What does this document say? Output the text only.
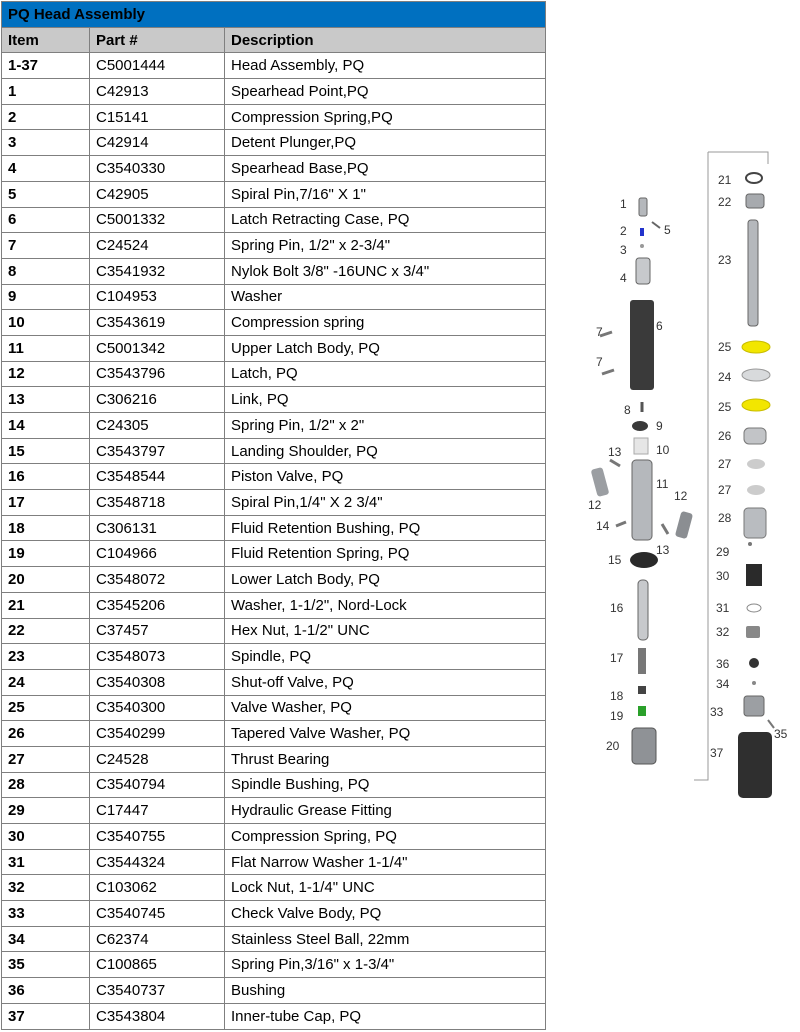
PQ Head Assembly		
Item	Part #	Description
1-37	C5001444	Head Assembly, PQ
1	C42913	Spearhead Point,PQ
2	C15141	Compression Spring,PQ
3	C42914	Detent Plunger,PQ
4	C3540330	Spearhead Base,PQ
5	C42905	Spiral Pin,7/16" X 1"
6	C5001332	Latch Retracting Case, PQ
7	C24524	Spring Pin, 1/2" x 2-3/4"
8	C3541932	Nylok Bolt 3/8" -16UNC x 3/4"
9	C104953	Washer
10	C3543619	Compression spring
11	C5001342	Upper Latch Body, PQ
12	C3543796	Latch, PQ
13	C306216	Link, PQ
14	C24305	Spring Pin, 1/2" x 2"
15	C3543797	Landing Shoulder, PQ
16	C3548544	Piston Valve, PQ
17	C3548718	Spiral Pin,1/4" X 2 3/4"
18	C306131	Fluid Retention Bushing, PQ
19	C104966	Fluid Retention Spring, PQ
20	C3548072	Lower Latch Body, PQ
21	C3545206	Washer, 1-1/2", Nord-Lock
22	C37457	Hex Nut, 1-1/2" UNC
23	C3548073	Spindle, PQ
24	C3540308	Shut-off Valve, PQ
25	C3540300	Valve Washer, PQ
26	C3540299	Tapered Valve Washer, PQ
27	C24528	Thrust Bearing
28	C3540794	Spindle Bushing, PQ
29	C17447	Hydraulic Grease Fitting
30	C3540755	Compression Spring, PQ
31	C3544324	Flat Narrow Washer 1-1/4"
32	C103062	Lock Nut, 1-1/4" UNC
33	C3540745	Check Valve Body, PQ
34	C62374	Stainless Steel Ball, 22mm
35	C100865	Spring Pin,3/16" x 1-3/4"
36	C3540737	Bushing
37	C3543804	Inner-tube Cap, PQ
1
2
3
4
5
6
7
7
8
9
10
11
12
12
13
13
14
15
16
17
18
19
20
21
22
23
25
24
25
26
27
27
28
29
30
31
32
36
34
33
35
37
